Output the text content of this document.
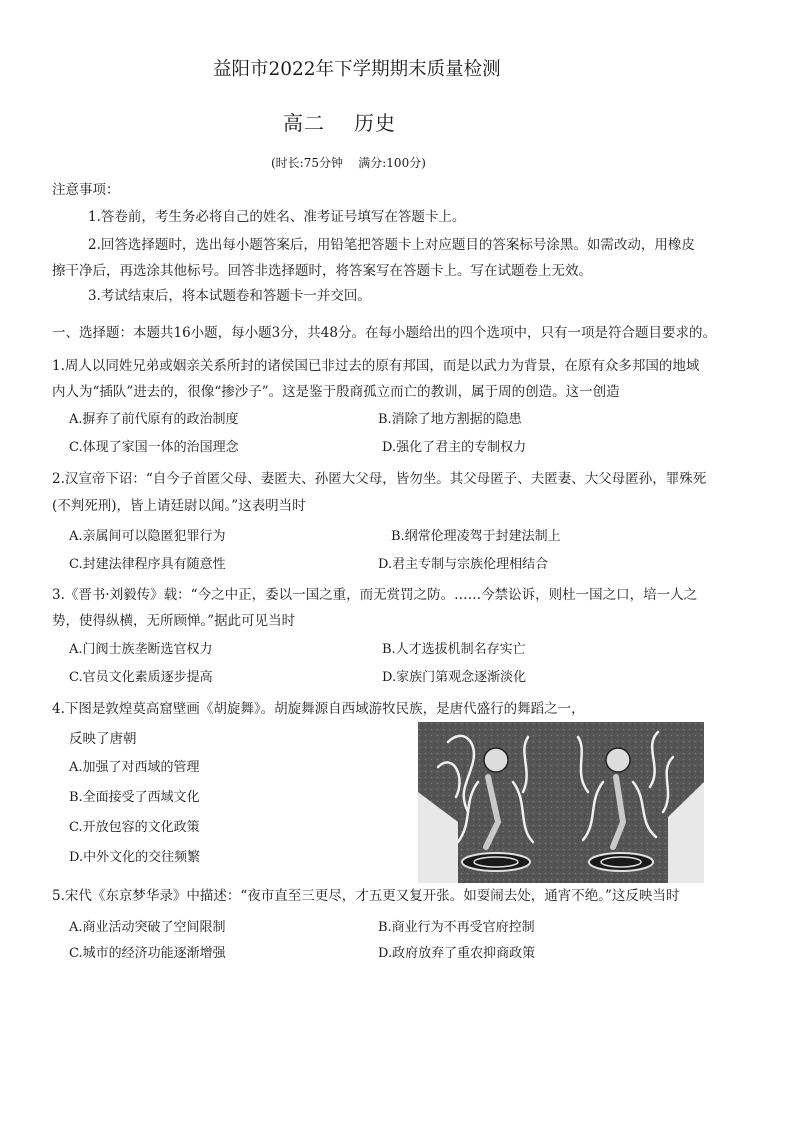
益阳市2022年下学期期末质量检测
高二 历史
(时长:75分钟    满分:100分)
注意事项：
1.答卷前，考生务必将自己的姓名、准考证号填写在答题卡上。
2.回答选择题时，选出每小题答案后，用铅笔把答题卡上对应题目的答案标号涂黑。如需改动，用橡皮
擦干净后，再选涂其他标号。回答非选择题时，将答案写在答题卡上。写在试题卷上无效。
3.考试结束后，将本试题卷和答题卡一并交回。
一、选择题：本题共16小题，每小题3分，共48分。在每小题给出的四个选项中，只有一项是符合题目要求的。
1.周人以同姓兄弟或姻亲关系所封的诸侯国已非过去的原有邦国，而是以武力为背景，在原有众多邦国的地域
内人为“插队”进去的，很像“掺沙子”。这是鉴于殷商孤立而亡的教训，属于周的创造。这一创造
A.摒弃了前代原有的政治制度	B.消除了地方割据的隐患
C.体现了家国一体的治国理念	D.强化了君主的专制权力
2.汉宣帝下诏：“自今子首匿父母、妻匿夫、孙匿大父母，皆勿坐。其父母匿子、夫匿妻、大父母匿孙，罪殊死
(不判死刑)，皆上请廷尉以闻。”这表明当时
A.亲属间可以隐匿犯罪行为	B.纲常伦理凌驾于封建法制上
C.封建法律程序具有随意性	D.君主专制与宗族伦理相结合
3.《晋书·刘毅传》载：“今之中正，委以一国之重，而无赏罚之防。……今禁讼诉，则杜一国之口，培一人之
势，使得纵横，无所顾惮。”据此可见当时
A.门阀士族垄断选官权力	B.人才选拔机制名存实亡
C.官员文化素质逐步提高	D.家族门第观念逐渐淡化
4.下图是敦煌莫高窟壁画《胡旋舞》。胡旋舞源自西域游牧民族，是唐代盛行的舞蹈之一，
反映了唐朝
A.加强了对西域的管理
B.全面接受了西域文化
C.开放包容的文化政策
D.中外文化的交往频繁
5.宋代《东京梦华录》中描述：“夜市直至三更尽，才五更又复开张。如耍闹去处，通宵不绝。”这反映当时
A.商业活动突破了空间限制	B.商业行为不再受官府控制
C.城市的经济功能逐渐增强	D.政府放弃了重农抑商政策
